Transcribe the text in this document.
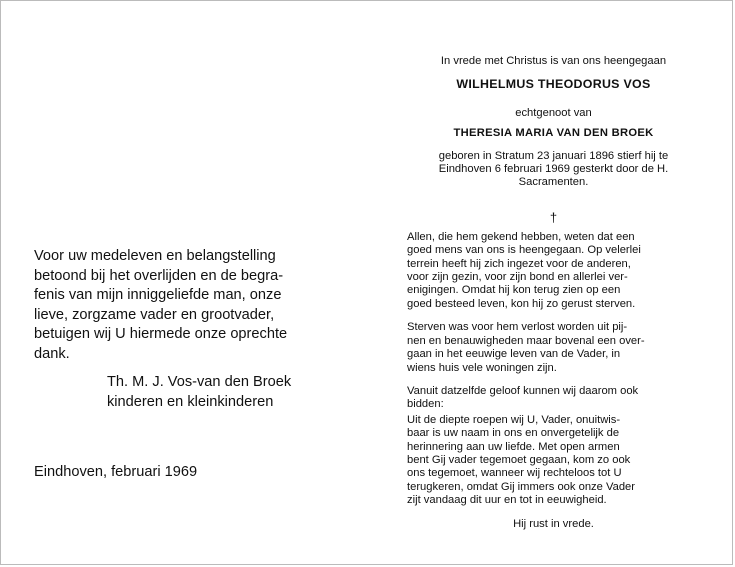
Voor uw medeleven en belangstelling
betoond bij het overlijden en de begra-
fenis van mijn inniggeliefde man, onze
lieve, zorgzame vader en grootvader,
betuigen wij U hiermede onze oprechte
dank.
Th. M. J. Vos-van den Broek
kinderen en kleinkinderen
Eindhoven, februari 1969
In vrede met Christus is van ons heengegaan
WILHELMUS THEODORUS VOS
echtgenoot van
THERESIA MARIA VAN DEN BROEK
geboren in Stratum 23 januari 1896 stierf hij te
Eindhoven 6 februari 1969 gesterkt door de H.
Sacramenten.
†
Allen, die hem gekend hebben, weten dat een
goed mens van ons is heengegaan. Op velerlei
terrein heeft hij zich ingezet voor de anderen,
voor zijn gezin, voor zijn bond en allerlei ver-
enigingen. Omdat hij kon terug zien op een
goed besteed leven, kon hij zo gerust sterven.
Sterven was voor hem verlost worden uit pij-
nen en benauwigheden maar bovenal een over-
gaan in het eeuwige leven van de Vader, in
wiens huis vele woningen zijn.
Vanuit datzelfde geloof kunnen wij daarom ook
bidden:
Uit de diepte roepen wij U, Vader, onuitwis-
baar is uw naam in ons en onvergetelijk de
herinnering aan uw liefde. Met open armen
bent Gij vader tegemoet gegaan, kom zo ook
ons tegemoet, wanneer wij rechteloos tot U
terugkeren, omdat Gij immers ook onze Vader
zijt vandaag dit uur en tot in eeuwigheid.
Hij rust in vrede.
